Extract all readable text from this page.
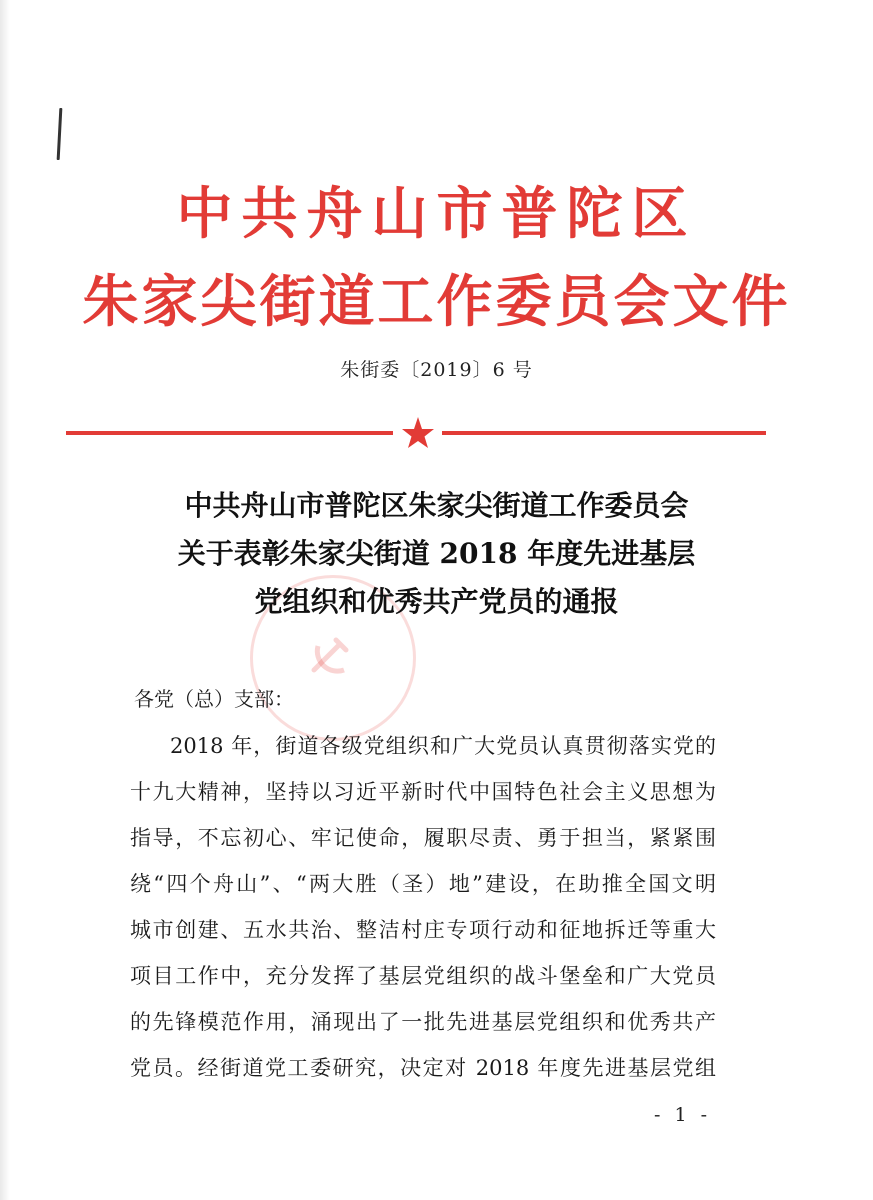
中共舟山市普陀区
朱家尖街道工作委员会文件
朱街委〔2019〕6 号
中共舟山市普陀区朱家尖街道工作委员会
关于表彰朱家尖街道 2018 年度先进基层
党组织和优秀共产党员的通报
各党（总）支部：
2018 年，街道各级党组织和广大党员认真贯彻落实党的
十九大精神，坚持以习近平新时代中国特色社会主义思想为
指导，不忘初心、牢记使命，履职尽责、勇于担当，紧紧围
绕“四个舟山”、“两大胜（圣）地”建设，在助推全国文明
城市创建、五水共治、整洁村庄专项行动和征地拆迁等重大
项目工作中，充分发挥了基层党组织的战斗堡垒和广大党员
的先锋模范作用，涌现出了一批先进基层党组织和优秀共产
党员。经街道党工委研究，决定对 2018 年度先进基层党组
- 1 -
